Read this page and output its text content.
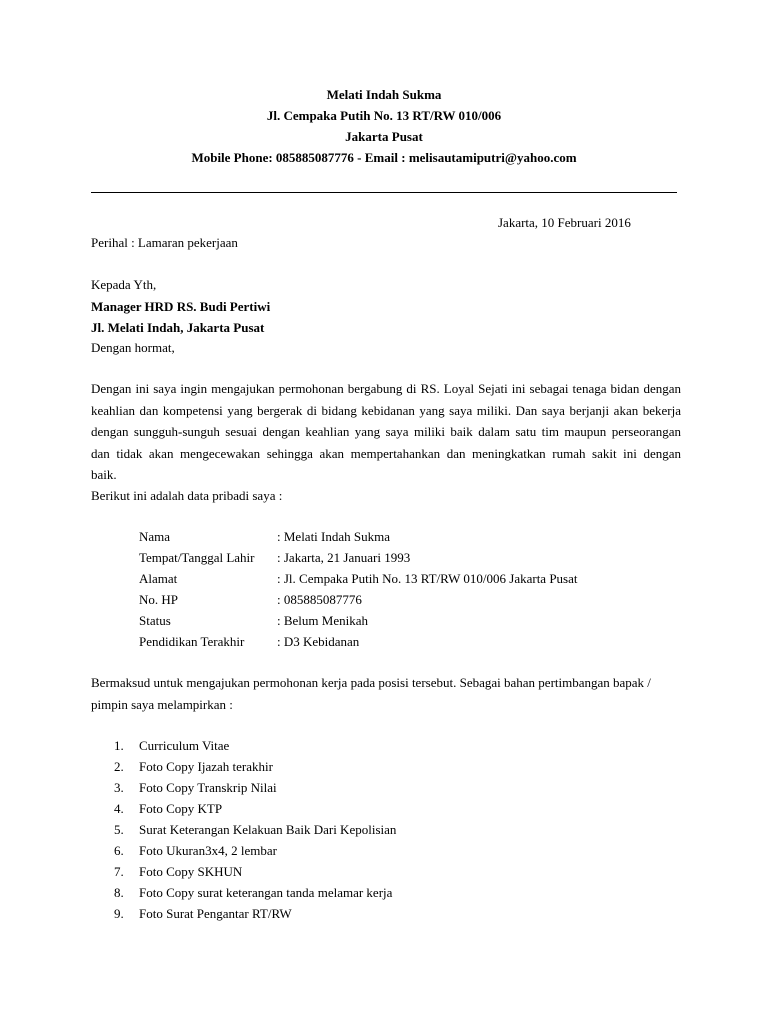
Melati Indah Sukma
Jl. Cempaka Putih No. 13 RT/RW 010/006
Jakarta Pusat
Mobile Phone: 085885087776 - Email : melisautamiputri@yahoo.com
Jakarta, 10 Februari 2016
Perihal : Lamaran pekerjaan
Kepada Yth,
Manager HRD RS. Budi Pertiwi
Jl. Melati Indah, Jakarta Pusat
Dengan hormat,
Dengan ini saya ingin mengajukan permohonan bergabung di RS. Loyal Sejati ini sebagai tenaga bidan dengan
keahlian dan kompetensi yang bergerak di bidang kebidanan yang saya miliki. Dan saya berjanji akan bekerja
dengan sungguh-sunguh sesuai dengan keahlian yang saya miliki baik dalam satu tim maupun perseorangan
dan tidak akan mengecewakan sehingga akan mempertahankan dan meningkatkan rumah sakit ini dengan
baik.
Berikut ini adalah data pribadi saya :
Nama	: Melati Indah Sukma
Tempat/Tanggal Lahir : Jakarta, 21 Januari 1993
Alamat	: Jl. Cempaka Putih No. 13 RT/RW 010/006 Jakarta Pusat
No. HP	: 085885087776
Status	: Belum Menikah
Pendidikan Terakhir	: D3 Kebidanan
Bermaksud untuk mengajukan permohonan kerja pada posisi tersebut. Sebagai bahan pertimbangan bapak /
pimpin saya melampirkan :
1. Curriculum Vitae
2. Foto Copy Ijazah terakhir
3. Foto Copy Transkrip Nilai
4. Foto Copy KTP
5. Surat Keterangan Kelakuan Baik Dari Kepolisian
6. Foto Ukuran3x4, 2 lembar
7. Foto Copy SKHUN
8. Foto Copy surat keterangan tanda melamar kerja
9. Foto Surat Pengantar RT/RW
